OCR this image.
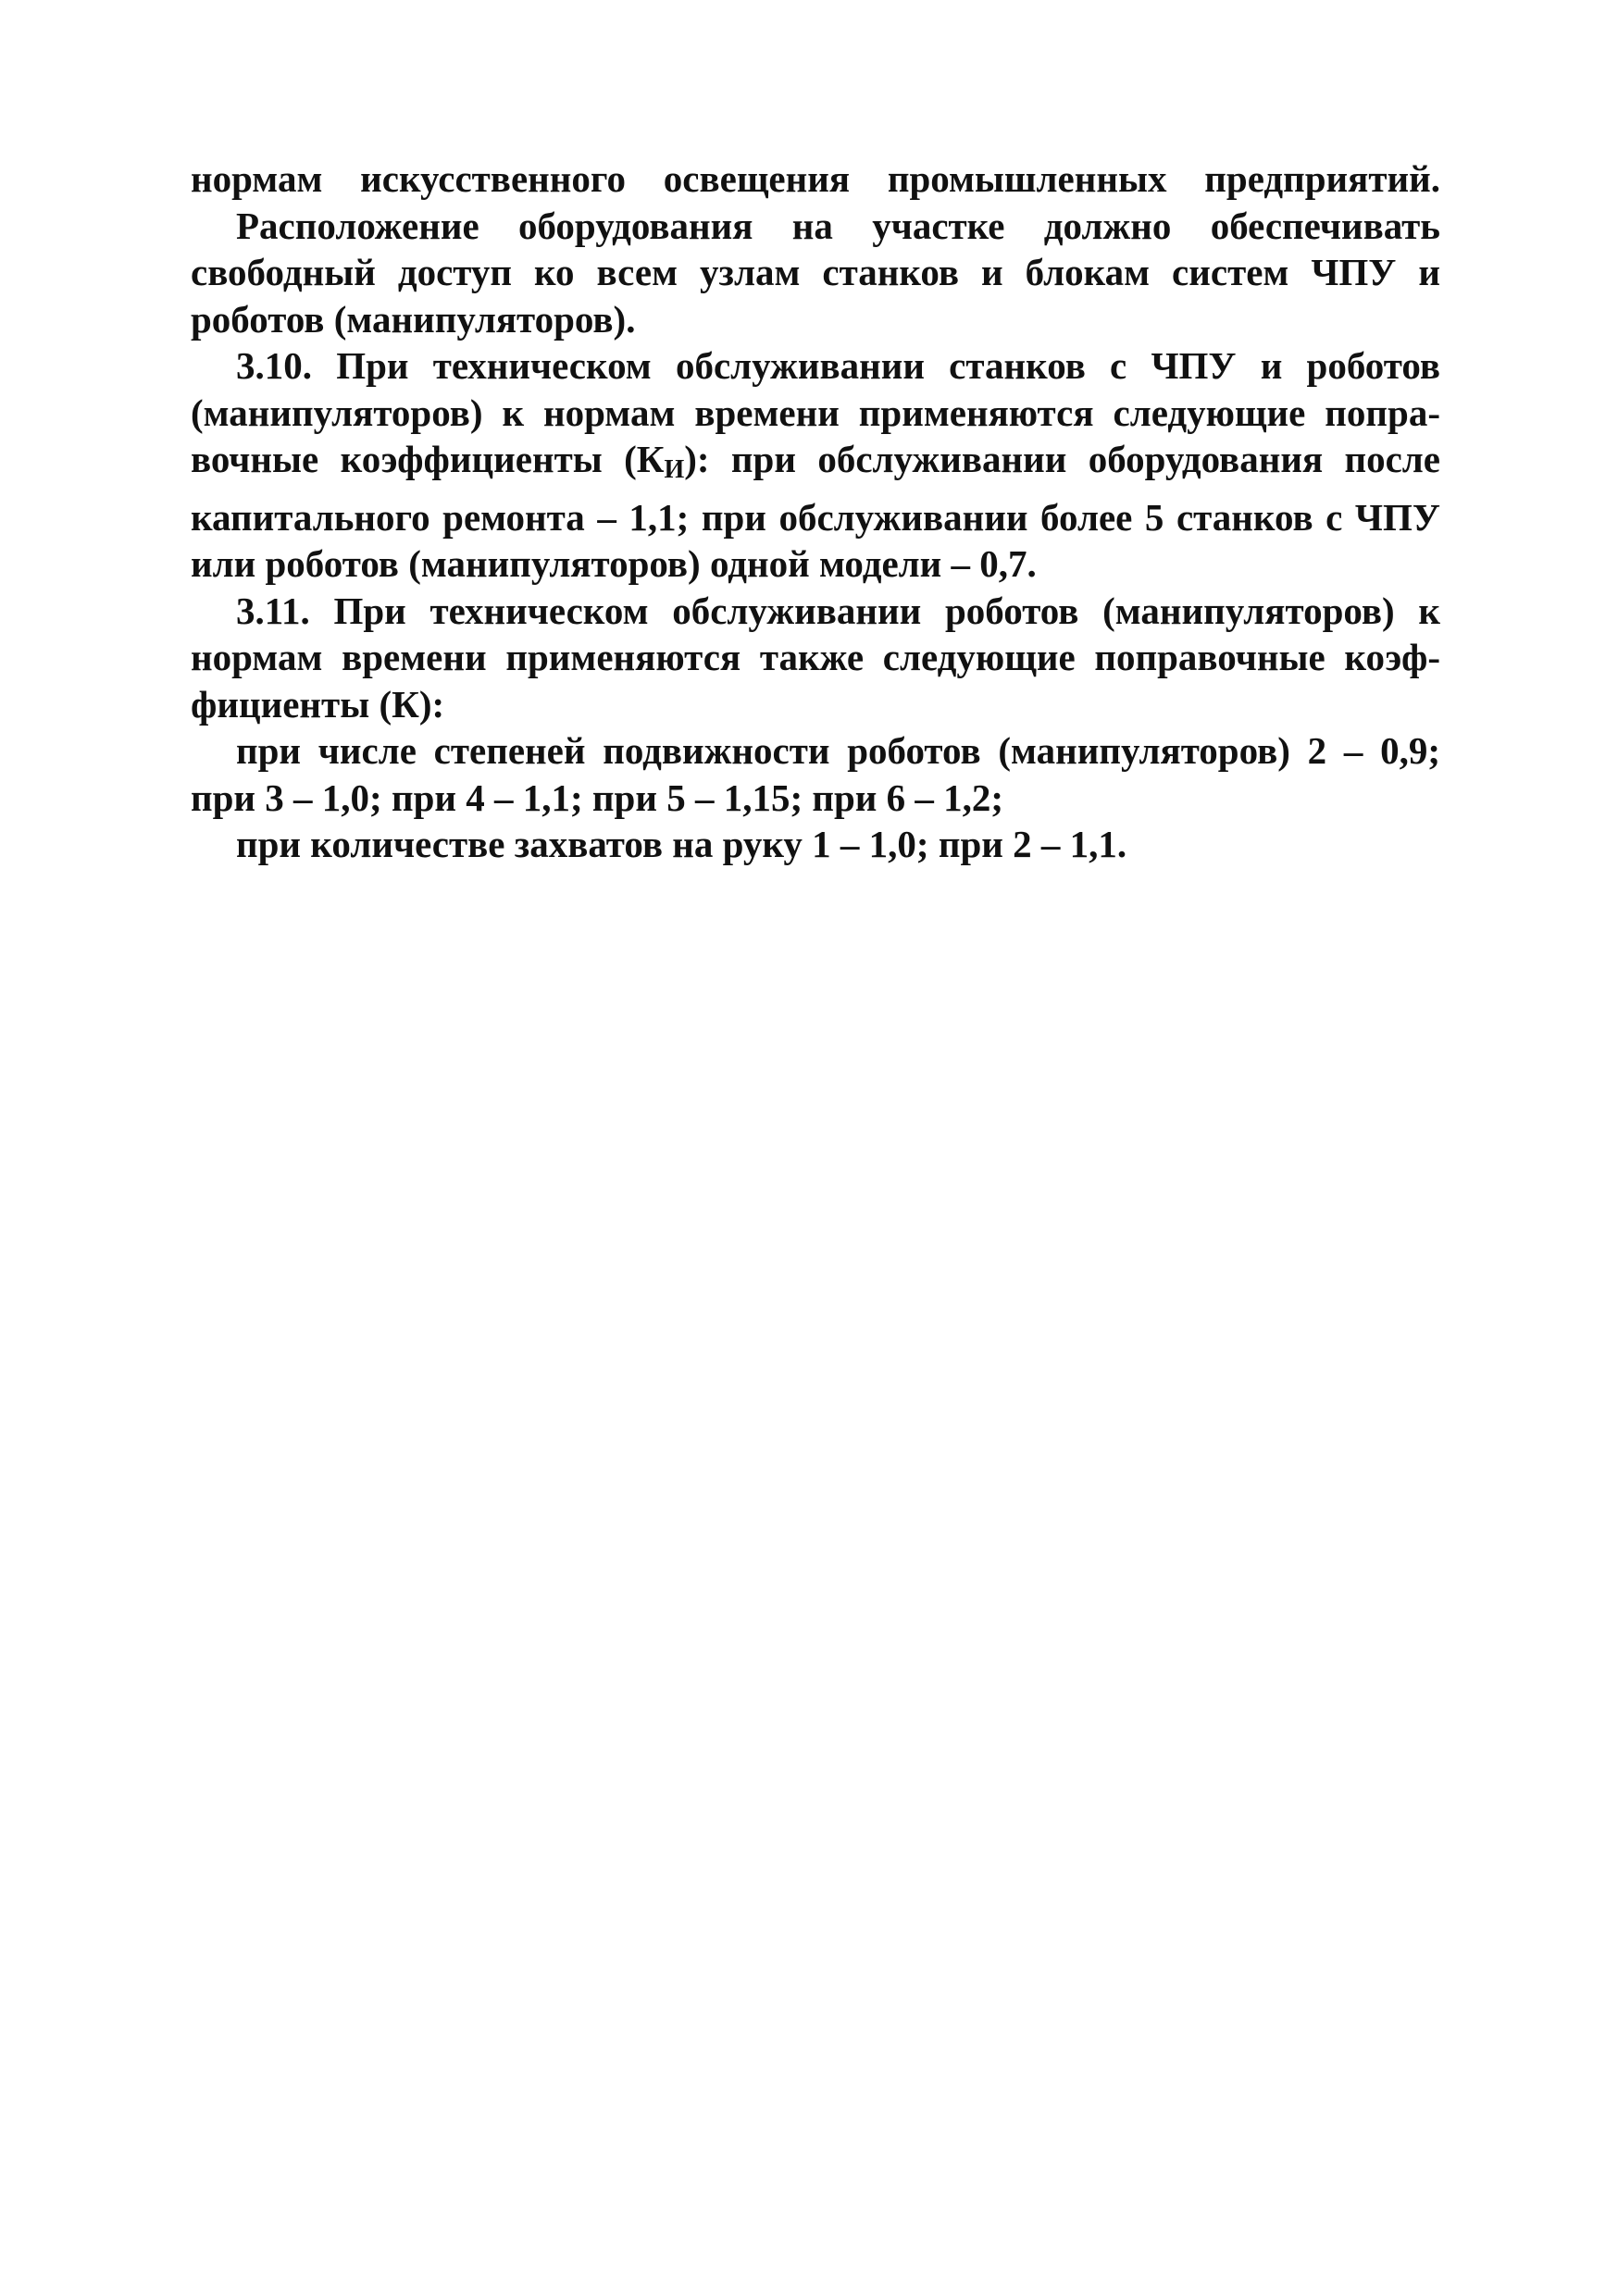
нормам искусственного освещения промышленных предприятий.
Расположение оборудования на участке должно обеспечивать
свободный доступ ко всем узлам станков и блокам систем ЧПУ и
роботов (манипуляторов).
3.10. При техническом обслуживании станков с ЧПУ и роботов
(манипуляторов) к нормам времени применяются следующие попра-
вочные коэффициенты $(К_И)$: при обслуживании оборудования после
капитального ремонта – 1,1; при обслуживании более 5 станков с ЧПУ
или роботов (манипуляторов) одной модели – 0,7.
3.11. При техническом обслуживании роботов (манипуляторов) к
нормам времени применяются также следующие поправочные коэф-
фициенты (К):
при числе степеней подвижности роботов (манипуляторов) 2 – 0,9;
при 3 – 1,0; при 4 – 1,1; при 5 – 1,15; при 6 – 1,2;
при количестве захватов на руку 1 – 1,0; при 2 – 1,1.
